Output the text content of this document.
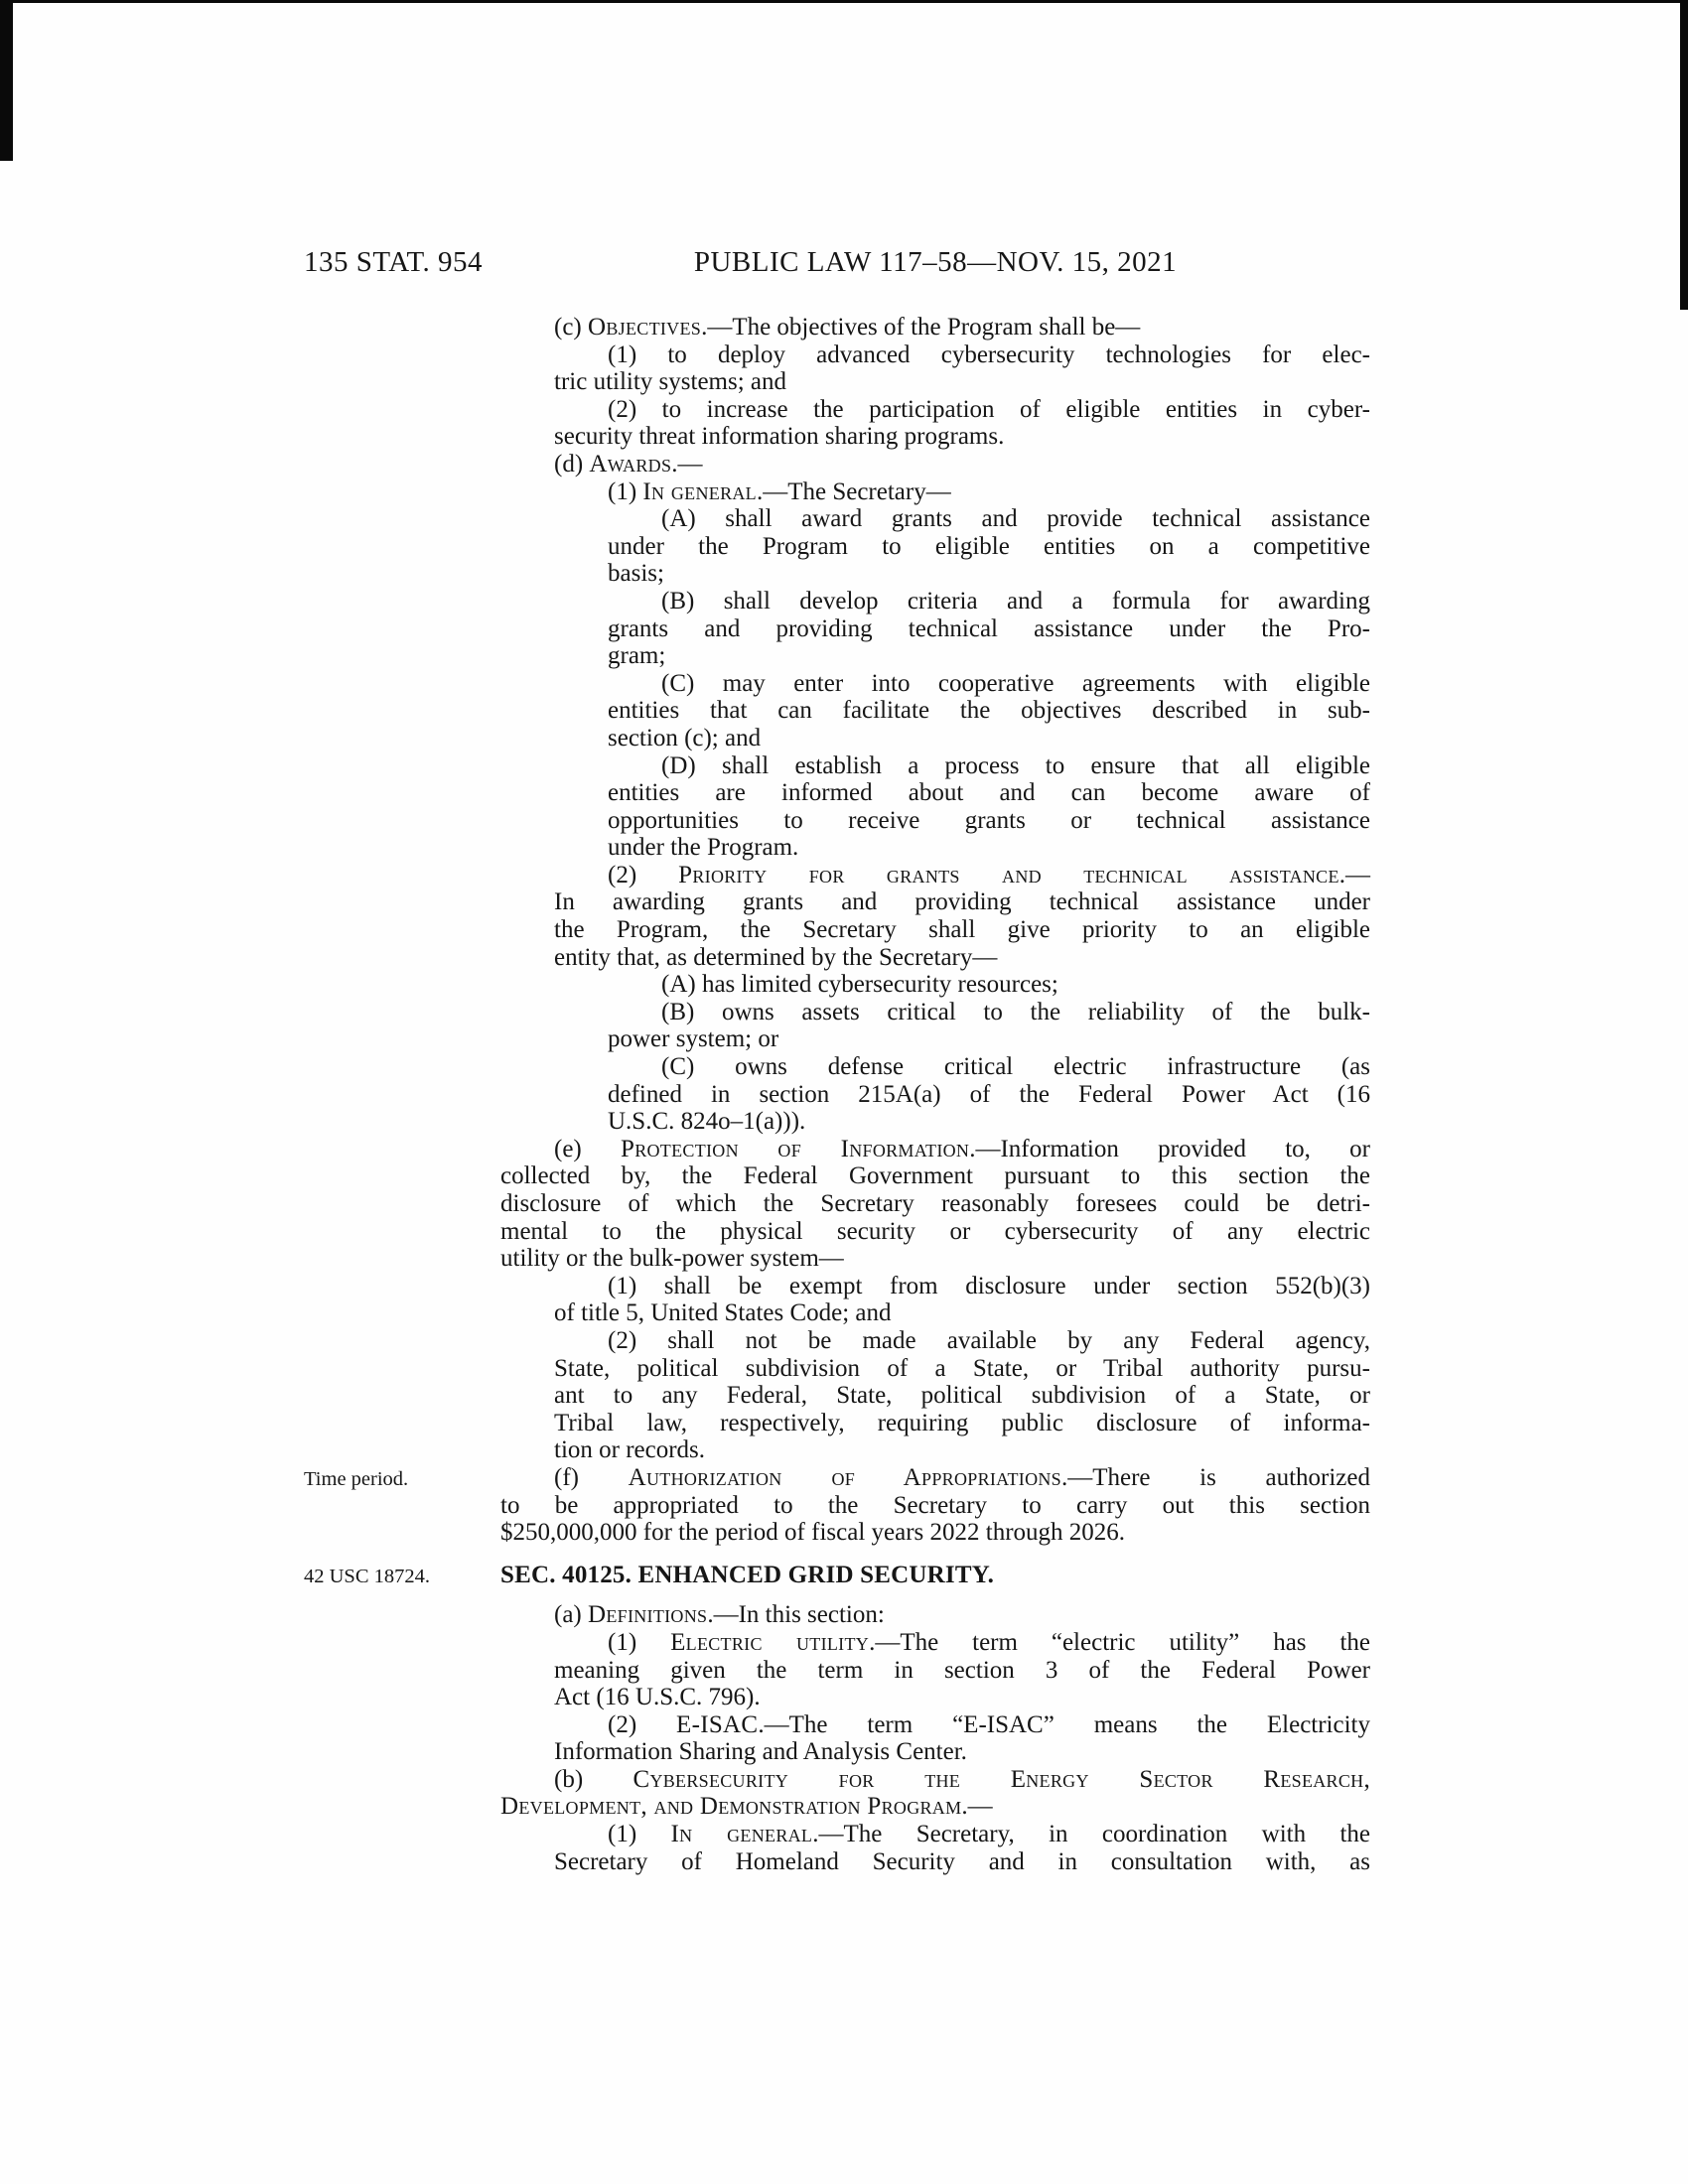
135 STAT. 954	PUBLIC LAW 117–58—NOV. 15, 2021
(c) Objectives.—The objectives of the Program shall be—
(1) to deploy advanced cybersecurity technologies for elec-
tric utility systems; and
(2) to increase the participation of eligible entities in cyber-
security threat information sharing programs.
(d) Awards.—
(1) In general.—The Secretary—
(A) shall award grants and provide technical assistance
under the Program to eligible entities on a competitive
basis;
(B) shall develop criteria and a formula for awarding
grants and providing technical assistance under the Pro-
gram;
(C) may enter into cooperative agreements with eligible
entities that can facilitate the objectives described in sub-
section (c); and
(D) shall establish a process to ensure that all eligible
entities are informed about and can become aware of
opportunities to receive grants or technical assistance
under the Program.
(2) Priority for grants and technical assistance.—
In awarding grants and providing technical assistance under
the Program, the Secretary shall give priority to an eligible
entity that, as determined by the Secretary—
(A) has limited cybersecurity resources;
(B) owns assets critical to the reliability of the bulk-
power system; or
(C) owns defense critical electric infrastructure (as
defined in section 215A(a) of the Federal Power Act (16
U.S.C. 824o–1(a))).
(e) Protection of Information.—Information provided to, or
collected by, the Federal Government pursuant to this section the
disclosure of which the Secretary reasonably foresees could be detri-
mental to the physical security or cybersecurity of any electric
utility or the bulk-power system—
(1) shall be exempt from disclosure under section 552(b)(3)
of title 5, United States Code; and
(2) shall not be made available by any Federal agency,
State, political subdivision of a State, or Tribal authority pursu-
ant to any Federal, State, political subdivision of a State, or
Tribal law, respectively, requiring public disclosure of informa-
tion or records.
(f) Authorization of Appropriations.—There is authorized
to be appropriated to the Secretary to carry out this section
$250,000,000 for the period of fiscal years 2022 through 2026.
SEC. 40125. ENHANCED GRID SECURITY.
(a) Definitions.—In this section:
(1) Electric utility.—The term “electric utility” has the
meaning given the term in section 3 of the Federal Power
Act (16 U.S.C. 796).
(2) E-ISAC.—The term “E-ISAC” means the Electricity
Information Sharing and Analysis Center.
(b) Cybersecurity for the Energy Sector Research,
Development, and Demonstration Program.—
(1) In general.—The Secretary, in coordination with the
Secretary of Homeland Security and in consultation with, as
Time period.
42 USC 18724.
